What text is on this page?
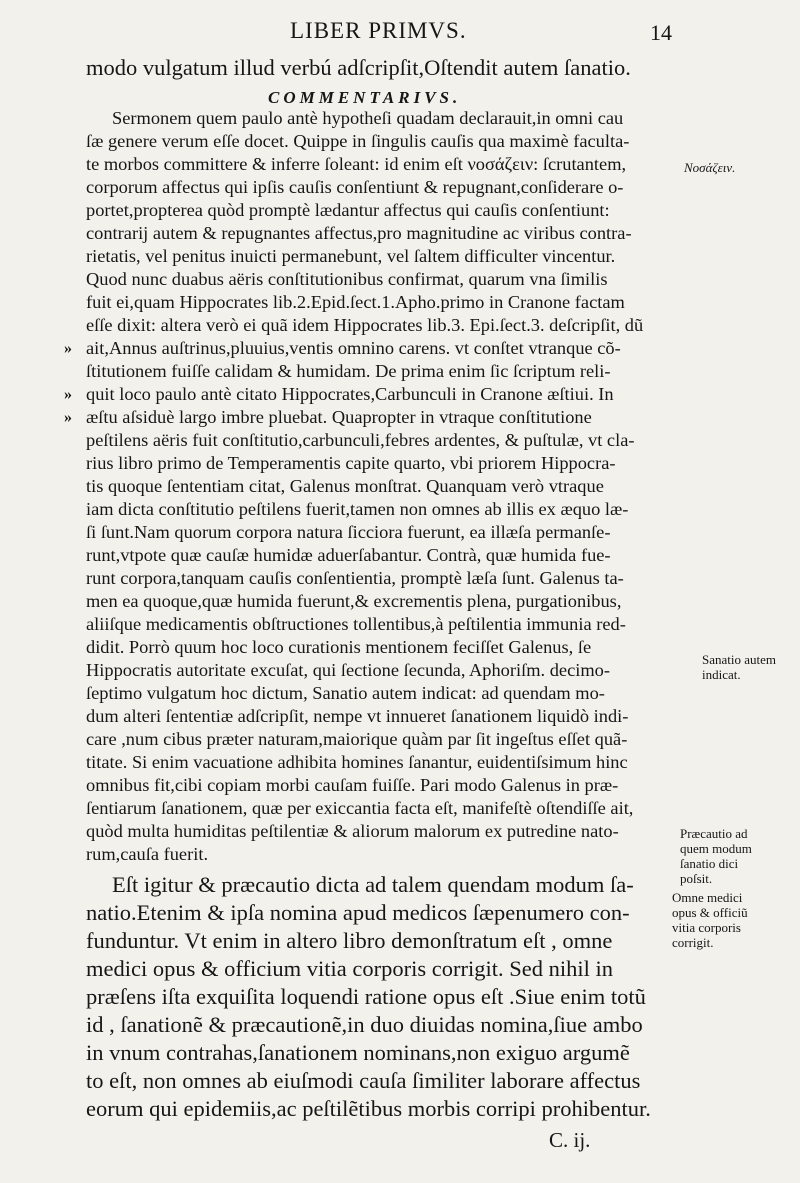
LIBER PRIMVS.	14
modo vulgatum illud verbú adſcripſit,Oſtendit autem ſanatio.
COMMENTARIVS.
Sermonem quem paulo antè hypotheſi quadam declarauit,in omni cau
ſæ genere verum eſſe docet. Quippe in ſingulis cauſis qua maximè facultа-
te morbos committere & inferre ſoleant: id enim eſt νοσάζειν: ſcrutantem,
corporum affectus qui ipſis cauſis conſentiunt & repugnant,conſiderare o-
portet,propterea quòd promptè lædantur affectus qui cauſis conſentiunt:
contrarij autem & repugnantes affectus,pro magnitudine ac viribus contra-
rietatis, vel penitus inuicti permanebunt, vel ſaltem difficulter vincentur.
Quod nunc duabus aëris conſtitutionibus confirmat, quarum vna ſimilis
fuit ei,quam Hippocrates lib.2.Epid.ſect.1.Apho.primo in Cranone factam
eſſe dixit: altera verò ei quã idem Hippocrates lib.3. Epi.ſect.3. deſcripſit, dũ
ait,Annus auſtrinus,pluuius,ventis omnino carens. vt conſtet vtranque cõ-
ſtitutionem fuiſſe calidam & humidam. De prima enim ſic ſcriptum reli-
quit loco paulo antè citato Hippocrates,Carbunculi in Cranone æſtiui. In
æſtu aſsiduè largo imbre pluebat. Quapropter in vtraque conſtitutione
peſtilens aëris fuit conſtitutio,carbunculi,febres ardentes, & puſtulæ, vt cla-
rius libro primo de Temperamentis capite quarto, vbi priorem Hippocra-
tis quoque ſententiam citat, Galenus monſtrat. Quanquam verò vtraque
iam dicta conſtitutio peſtilens fuerit,tamen non omnes ab illis ex æquo læ-
ſi ſunt.Nam quorum corpora natura ſicciora fuerunt, ea illæſa permanſe-
runt,vtpote quæ cauſæ humidæ aduerſabantur. Contrà, quæ humida fue-
runt corpora,tanquam cauſis conſentientia, promptè læſa ſunt. Galenus ta-
men ea quoque,quæ humida fuerunt,& excrementis plena, purgationibus,
aliiſque medicamentis obſtructiones tollentibus,à peſtilentia immunia red-
didit. Porrò quum hoc loco curationis mentionem feciſſet Galenus, ſe
Hippocratis autoritate excuſat, qui ſectione ſecunda, Aphoriſm. decimo-
ſeptimo vulgatum hoc dictum, Sanatio autem indicat: ad quendam mo-
dum alteri ſententiæ adſcripſit, nempe vt innueret ſanationem liquidò indi-
care ,num cibus præter naturam,maiorique quàm par ſit ingeſtus eſſet quã-
titate. Si enim vacuatione adhibita homines ſanantur, euidentiſsimum hinc
omnibus fit,cibi copiam morbi cauſam fuiſſe. Pari modo Galenus in præ-
ſentiarum ſanationem, quæ per exiccantia facta eſt, manifeſtè oſtendiſſe ait,
quòd multa humiditas peſtilentiæ & aliorum malorum ex putredine nato-
rum,cauſa fuerit.
»
»
»
Eſt igitur & præcautio dicta ad talem quendam modum ſa-
natio.Etenim & ipſa nomina apud medicos ſæpenumero con-
funduntur. Vt enim in altero libro demonſtratum eſt , omne
medici opus & officium vitia corporis corrigit. Sed nihil in
præſens iſta exquiſita loquendi ratione opus eſt .Siue enim totũ
id , ſanationẽ & præcautionẽ,in duo diuidas nomina,ſiue ambo
in vnum contrahas,ſanationem nominans,non exiguo argumẽ
to eſt, non omnes ab eiuſmodi cauſa ſimiliter laborare affectus
eorum qui epidemiis,ac peſtilẽtibus morbis corripi prohibentur.
C. ij.
Νοσάζειν.
Sanatio autem
indicat.
Præcautio ad
quem modum
ſanatio dici
poſsit.
Omne medici
opus & officiũ
vitia corporis
corrigit.
